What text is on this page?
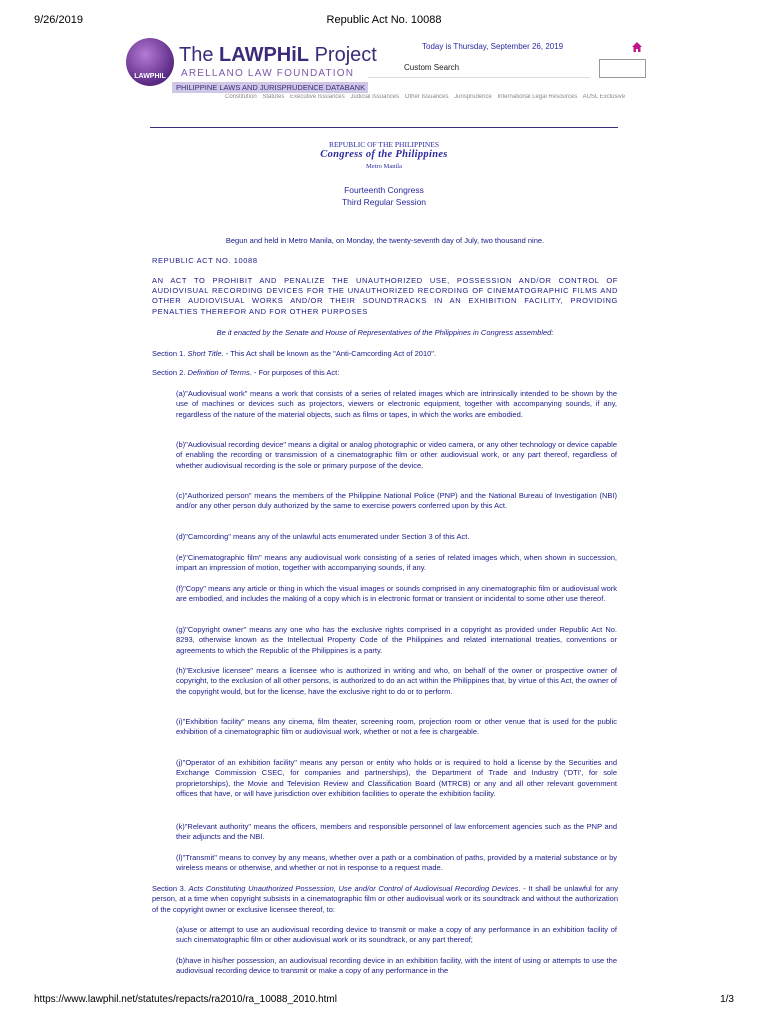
9/26/2019	Republic Act No. 10088
LAWPHIL
The LAWPHiL Project
ARELLANO LAW FOUNDATION
PHILIPPINE LAWS AND JURISPRUDENCE DATABANK
Today is Thursday, September 26, 2019
Custom Search
Constitution Statutes Executive Issuances Judicial Issuances Other Issuances Jurisprudence International Legal Resources AUSL Exclusive
REPUBLIC OF THE PHILIPPINES
Congress of the Philippines
Metro Manila
Fourteenth Congress
Third Regular Session
Begun and held in Metro Manila, on Monday, the twenty-seventh day of July, two thousand nine.
REPUBLIC ACT NO. 10088
AN ACT TO PROHIBIT AND PENALIZE THE UNAUTHORIZED USE, POSSESSION AND/OR CONTROL OF AUDIOVISUAL RECORDING DEVICES FOR THE UNAUTHORIZED RECORDING OF CINEMATOGRAPHIC FILMS AND OTHER AUDIOVISUAL WORKS AND/OR THEIR SOUNDTRACKS IN AN EXHIBITION FACILITY, PROVIDING PENALTIES THEREFOR AND FOR OTHER PURPOSES
Be it enacted by the Senate and House of Representatives of the Philippines in Congress assembled:
Section 1. Short Title. - This Act shall be known as the "Anti-Camcording Act of 2010".
Section 2. Definition of Terms. - For purposes of this Act:
(a)"Audiovisual work" means a work that consists of a series of related images which are intrinsically intended to be shown by the use of machines or devices such as projectors, viewers or electronic equipment, together with accompanying sounds, if any, regardless of the nature of the material objects, such as films or tapes, in which the works are embodied.
(b)"Audiovisual recording device" means a digital or analog photographic or video camera, or any other technology or device capable of enabling the recording or transmission of a cinematographic film or other audiovisual work, or any part thereof, regardless of whether audiovisual recording is the sole or primary purpose of the device.
(c)"Authorized person" means the members of the Philippine National Police (PNP) and the National Bureau of Investigation (NBI) and/or any other person duly authorized by the same to exercise powers conferred upon by this Act.
(d)"Camcording" means any of the unlawful acts enumerated under Section 3 of this Act.
(e)"Cinematographic film" means any audiovisual work consisting of a series of related images which, when shown in succession, impart an impression of motion, together with accompanying sounds, if any.
(f)"Copy" means any article or thing in which the visual images or sounds comprised in any cinematographic film or audiovisual work are embodied, and includes the making of a copy which is in electronic format or transient or incidental to some other use thereof.
(g)"Copyright owner" means any one who has the exclusive rights comprised in a copyright as provided under Republic Act No. 8293, otherwise known as the Intellectual Property Code of the Philippines and related international treaties, conventions or agreements to which the Republic of the Philippines is a party.
(h)"Exclusive licensee" means a licensee who is authorized in writing and who, on behalf of the owner or prospective owner of copyright, to the exclusion of all other persons, is authorized to do an act within the Philippines that, by virtue of this Act, the owner of the copyright would, but for the license, have the exclusive right to do or to perform.
(i)"Exhibition facility" means any cinema, film theater, screening room, projection room or other venue that is used for the public exhibition of a cinematographic film or audiovisual work, whether or not a fee is chargeable.
(j)"Operator of an exhibition facility" means any person or entity who holds or is required to hold a license by the Securities and Exchange Commission CSEC, for companies and partnerships), the Department of Trade and Industry ('DTI', for sole proprietorships), the Movie and Television Review and Classification Board (MTRCB) or any and all other relevant government offices that have, or will have jurisdiction over exhibition facilities to operate the exhibition facility.
(k)"Relevant authority" means the officers, members and responsible personnel of law enforcement agencies such as the PNP and their adjuncts and the NBI.
(l)"Transmit" means to convey by any means, whether over a path or a combination of paths, provided by a material substance or by wireless means or otherwise, and whether or not in response to a request made.
Section 3. Acts Constituting Unauthorized Possession, Use and/or Control of Audiovisual Recording Devices. - It shall be unlawful for any person, at a time when copyright subsists in a cinematographic film or other audiovisual work or its soundtrack and without the authorization of the copyright owner or exclusive licensee thereof, to:
(a)use or attempt to use an audiovisual recording device to transmit or make a copy of any performance in an exhibition facility of such cinematographic film or other audiovisual work or its soundtrack, or any part thereof;
(b)have in his/her possession, an audiovisual recording device in an exhibition facility, with the intent of using or attempts to use the audiovisual recording device to transmit or make a copy of any performance in the
https://www.lawphil.net/statutes/repacts/ra2010/ra_10088_2010.html	1/3
